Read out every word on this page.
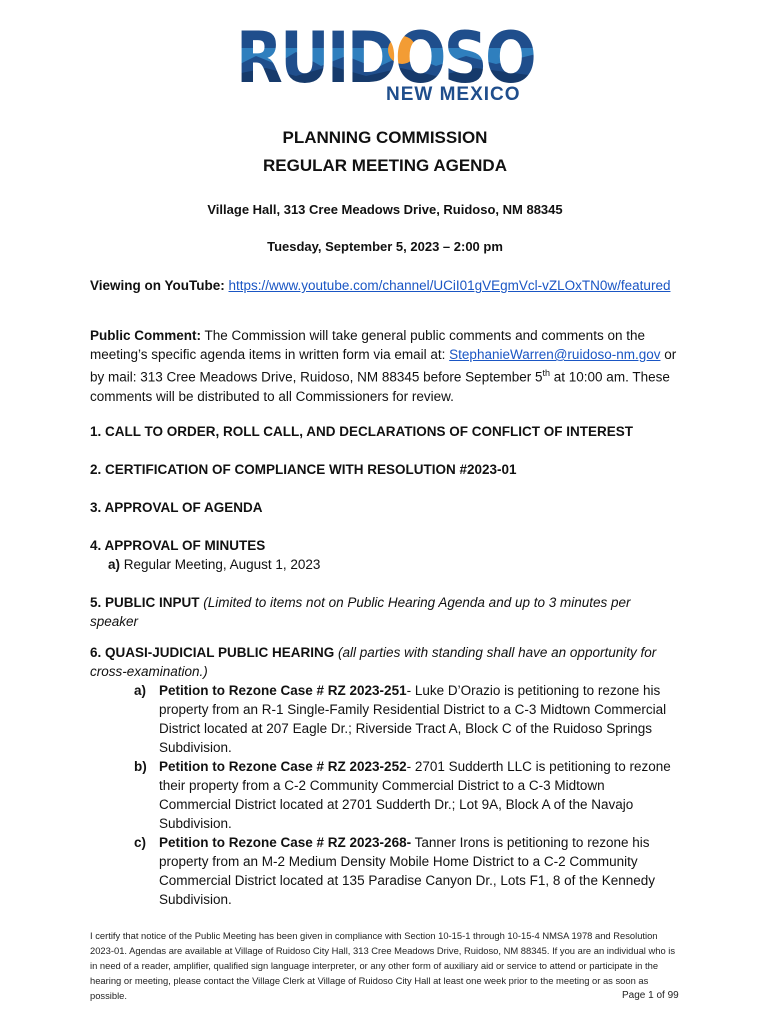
NEW MEXICO
PLANNING COMMISSION
REGULAR MEETING AGENDA
Village Hall, 313 Cree Meadows Drive, Ruidoso, NM 88345
Tuesday, September 5, 2023 – 2:00 pm
Viewing on YouTube: https://www.youtube.com/channel/UCiI01gVEgmVcl-vZLOxTN0w/featured
Public Comment: The Commission will take general public comments and comments on the meeting’s specific agenda items in written form via email at: StephanieWarren@ruidoso-nm.gov or by mail: 313 Cree Meadows Drive, Ruidoso, NM 88345 before September 5th at 10:00 am. These comments will be distributed to all Commissioners for review.
1. CALL TO ORDER, ROLL CALL, AND DECLARATIONS OF CONFLICT OF INTEREST
2. CERTIFICATION OF COMPLIANCE WITH RESOLUTION #2023-01
3. APPROVAL OF AGENDA
4. APPROVAL OF MINUTES
a) Regular Meeting, August 1, 2023
5. PUBLIC INPUT (Limited to items not on Public Hearing Agenda and up to 3 minutes per speaker
6. QUASI-JUDICIAL PUBLIC HEARING (all parties with standing shall have an opportunity for cross-examination.)
a) Petition to Rezone Case # RZ 2023-251- Luke D’Orazio is petitioning to rezone his property from an R-1 Single-Family Residential District to a C-3 Midtown Commercial District located at 207 Eagle Dr.; Riverside Tract A, Block C of the Ruidoso Springs Subdivision.
b) Petition to Rezone Case # RZ 2023-252- 2701 Sudderth LLC is petitioning to rezone their property from a C-2 Community Commercial District to a C-3 Midtown Commercial District located at 2701 Sudderth Dr.; Lot 9A, Block A of the Navajo Subdivision.
c) Petition to Rezone Case # RZ 2023-268- Tanner Irons is petitioning to rezone his property from an M-2 Medium Density Mobile Home District to a C-2 Community Commercial District located at 135 Paradise Canyon Dr., Lots F1, 8 of the Kennedy Subdivision.
I certify that notice of the Public Meeting has been given in compliance with Section 10-15-1 through 10-15-4 NMSA 1978 and Resolution 2023-01. Agendas are available at Village of Ruidoso City Hall, 313 Cree Meadows Drive, Ruidoso, NM 88345. If you are an individual who is in need of a reader, amplifier, qualified sign language interpreter, or any other form of auxiliary aid or service to attend or participate in the hearing or meeting, please contact the Village Clerk at Village of Ruidoso City Hall at least one week prior to the meeting or as soon as possible.	Page 1 of 99
